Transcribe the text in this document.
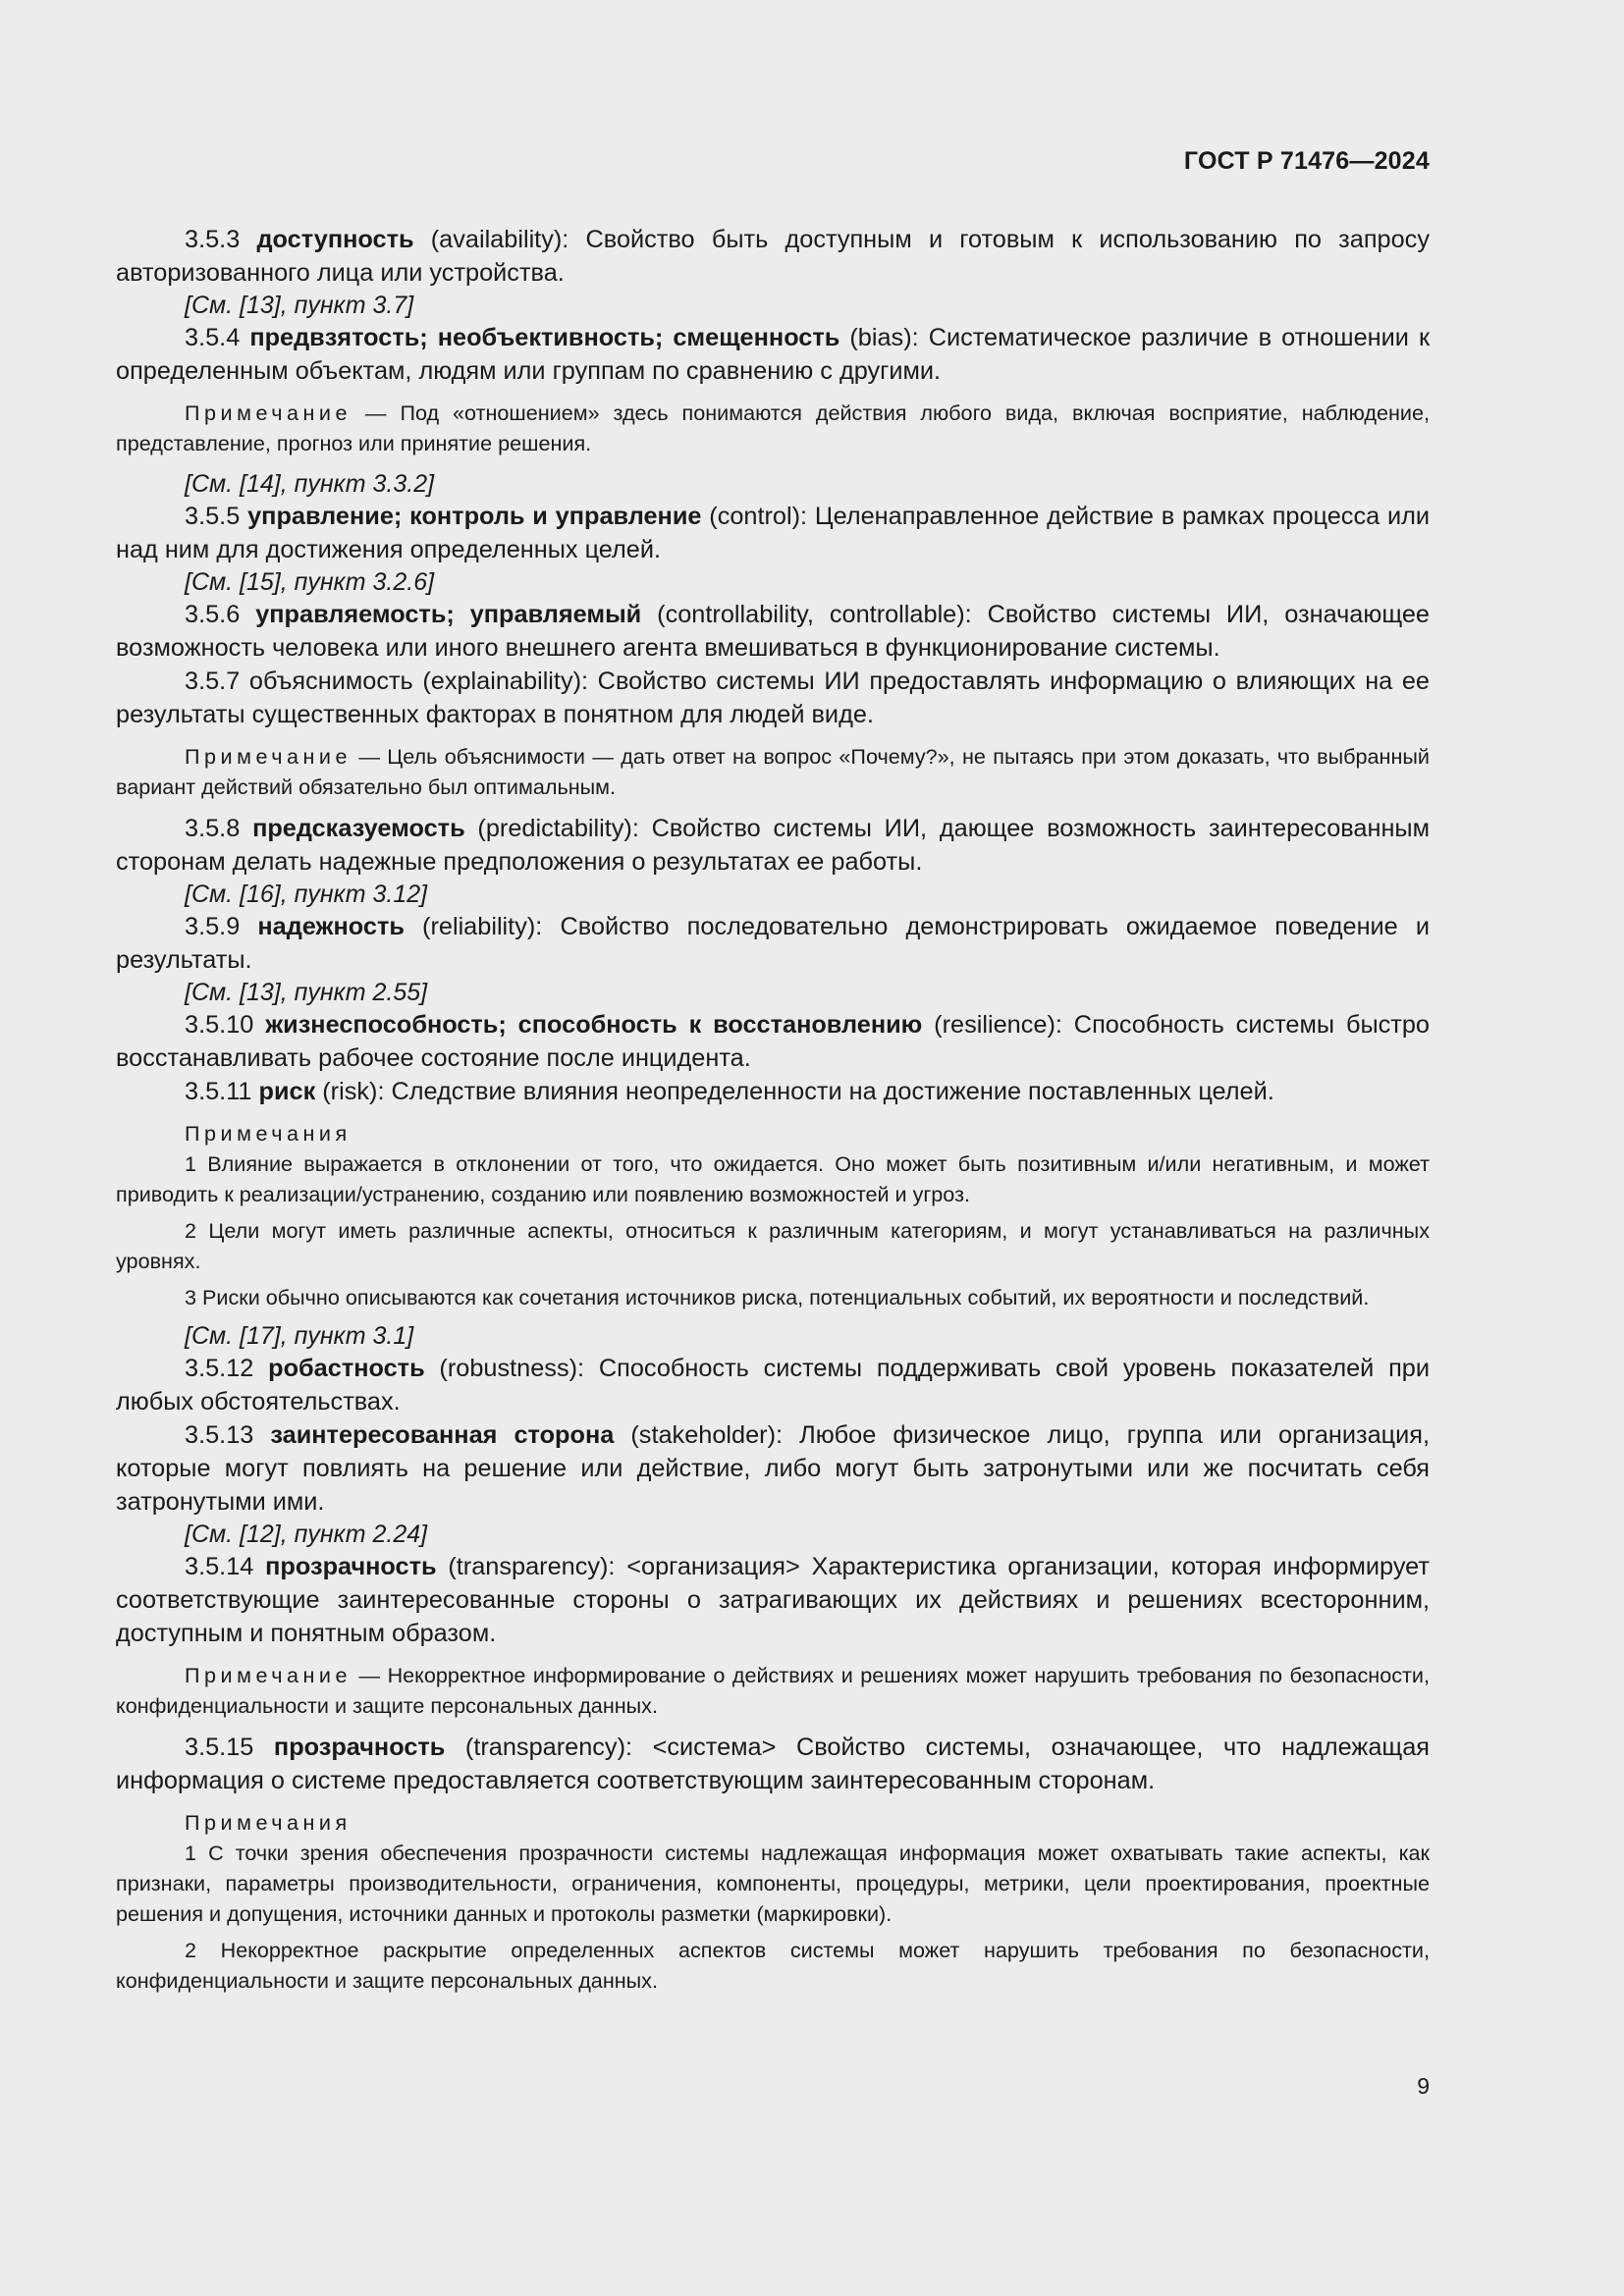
ГОСТ Р 71476—2024

3.5.3 доступность (availability): Свойство быть доступным и готовым к использованию по запросу авторизованного лица или устройства.

[См. [13], пункт 3.7]

3.5.4 предвзятость; необъективность; смещенность (bias): Систематическое различие в отношении к определенным объектам, людям или группам по сравнению с другими.

Примечание — Под «отношением» здесь понимаются действия любого вида, включая восприятие, наблюдение, представление, прогноз или принятие решения.

[См. [14], пункт 3.3.2]

3.5.5 управление; контроль и управление (control): Целенаправленное действие в рамках процесса или над ним для достижения определенных целей.

[См. [15], пункт 3.2.6]

3.5.6 управляемость; управляемый (controllability, controllable): Свойство системы ИИ, означающее возможность человека или иного внешнего агента вмешиваться в функционирование системы.

3.5.7 объяснимость (explainability): Свойство системы ИИ предоставлять информацию о влияющих на ее результаты существенных факторах в понятном для людей виде.

Примечание — Цель объяснимости — дать ответ на вопрос «Почему?», не пытаясь при этом доказать, что выбранный вариант действий обязательно был оптимальным.

3.5.8 предсказуемость (predictability): Свойство системы ИИ, дающее возможность заинтересованным сторонам делать надежные предположения о результатах ее работы.

[См. [16], пункт 3.12]

3.5.9 надежность (reliability): Свойство последовательно демонстрировать ожидаемое поведение и результаты.

[См. [13], пункт 2.55]

3.5.10 жизнеспособность; способность к восстановлению (resilience): Способность системы быстро восстанавливать рабочее состояние после инцидента.

3.5.11 риск (risk): Следствие влияния неопределенности на достижение поставленных целей.

Примечания

1 Влияние выражается в отклонении от того, что ожидается. Оно может быть позитивным и/или негативным, и может приводить к реализации/устранению, созданию или появлению возможностей и угроз.

2 Цели могут иметь различные аспекты, относиться к различным категориям, и могут устанавливаться на различных уровнях.

3 Риски обычно описываются как сочетания источников риска, потенциальных событий, их вероятности и последствий.

[См. [17], пункт 3.1]

3.5.12 робастность (robustness): Способность системы поддерживать свой уровень показателей при любых обстоятельствах.

3.5.13 заинтересованная сторона (stakeholder): Любое физическое лицо, группа или организация, которые могут повлиять на решение или действие, либо могут быть затронутыми или же посчитать себя затронутыми ими.

[См. [12], пункт 2.24]

3.5.14 прозрачность (transparency): <организация> Характеристика организации, которая информирует соответствующие заинтересованные стороны о затрагивающих их действиях и решениях всесторонним, доступным и понятным образом.

Примечание — Некорректное информирование о действиях и решениях может нарушить требования по безопасности, конфиденциальности и защите персональных данных.

3.5.15 прозрачность (transparency): <система> Свойство системы, означающее, что надлежащая информация о системе предоставляется соответствующим заинтересованным сторонам.

Примечания

1 С точки зрения обеспечения прозрачности системы надлежащая информация может охватывать такие аспекты, как признаки, параметры производительности, ограничения, компоненты, процедуры, метрики, цели проектирования, проектные решения и допущения, источники данных и протоколы разметки (маркировки).

2 Некорректное раскрытие определенных аспектов системы может нарушить требования по безопасности, конфиденциальности и защите персональных данных.

9
